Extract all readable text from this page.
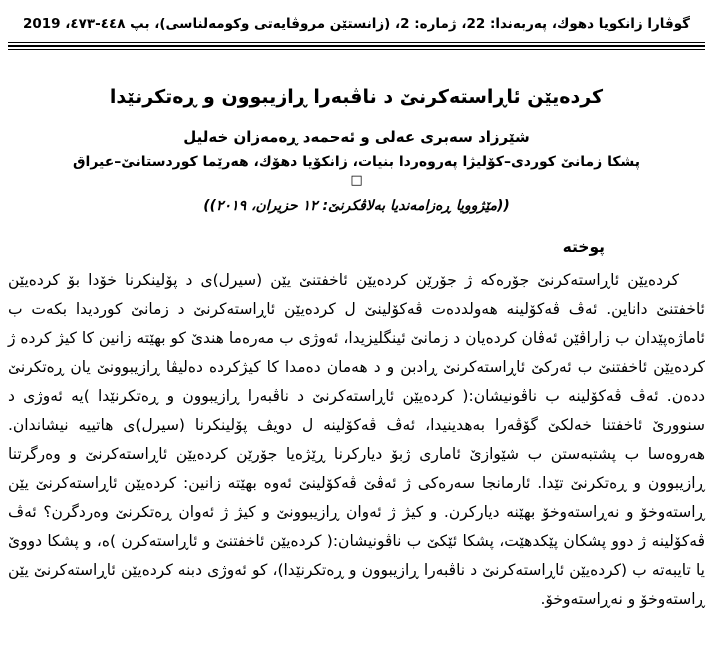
گوڤارا زانكويا دهوك، پەربەندا: 22، ژمارە: 2، (زانستێن مروڤايەتى وكومەلناسى)، بپ ٤٤٨-٤٧٣، 2019
كردەيێن ئاڕاستەكرنێ د ناڤبەرا ڕازيبوون و ڕەتكرنێدا
شێرزاد سەبرى عەلى و ئەحمەد ڕەمەزان خەليل
پشكا زمانێ كوردى–كۆليژا پەروەردا بنيات، زانكۆيا دهۆك، هەرێما كوردستانێ–عيراق
□
((مێژوويا ڕەزامەنديا بەلاڤكرنێ: ١٢ حزيران، ٢٠١٩))
پوخته

كردەيێن ئاڕاستەكرنێ جۆرەكە ژ جۆرێن كردەيێن ئاخفتنێ يێن (سيرل)ى د پۆلينكرنا خۆدا بۆ كردەيێن ئاخفتنێ داناين. ئەڤ ڤەكۆلينە هەولددەت ڤەكۆلينێ ل كردەيێن ئاڕاستەكرنێ د زمانێ كورديدا بكەت ب ئاماژەپێدان ب زاراڤێن ئەڤان كردەيان د زمانێ ئينگليزيدا، ئەوژى ب مەرەما هندێ كو بهێتە زانين كا كيژ كردە ژ كردەيێن ئاخفتنێ ب ئەركێ ئاڕاستەكرنێ ڕادبن و د هەمان دەمدا كا كيژكردە دەليڤا ڕازيبوونێ يان ڕەتكرنێ ددەن. ئەڤ ڤەكۆلينە ب ناڤونيشان:( كردەيێن ئاڕاستەكرنێ د ناڤبەرا ڕازيبوون و ڕەتكرنێدا )يە ئەوژى د سنوورێ ئاخفتنا خەلكێ گۆڤەرا بەهدينيدا، ئەڤ ڤەكۆلينە ل دويڤ پۆلينكرنا (سيرل)ى هاتييە نيشاندان. هەروەسا ب پشتبەستن ب شێوازێ ئامارى ژبۆ دياركرنا ڕێژەيا جۆرێن كردەيێن ئاڕاستەكرنێ و وەرگرتنا ڕازيبوون و ڕەتكرنێ تێدا. ئارمانجا سەرەكى ژ ئەڤێ ڤەكۆلينێ ئەوە بهێتە زانين: كردەيێن ئاڕاستەكرنێ يێن ڕاستەوخۆ و نەڕاستەوخۆ بهێنە دياركرن. و كيژ ژ ئەوان ڕازيبوونێ و كيژ ژ ئەوان ڕەتكرنێ وەردگرن؟ ئەڤ ڤەكۆلينە ژ دوو پشكان پێكدهێت، پشكا ئێكێ ب ناڤونيشان:( كردەيێن ئاخفتنێ و ئاڕاستەكرن )ە، و پشكا دووێ يا تايبەتە ب (كردەيێن ئاڕاستەكرنێ د ناڤبەرا ڕازيبوون و ڕەتكرنێدا)، كو ئەوژى دبنە كردەيێن ئاڕاستەكرنێ يێن ڕاستەوخۆ و نەڕاستەوخۆ.
